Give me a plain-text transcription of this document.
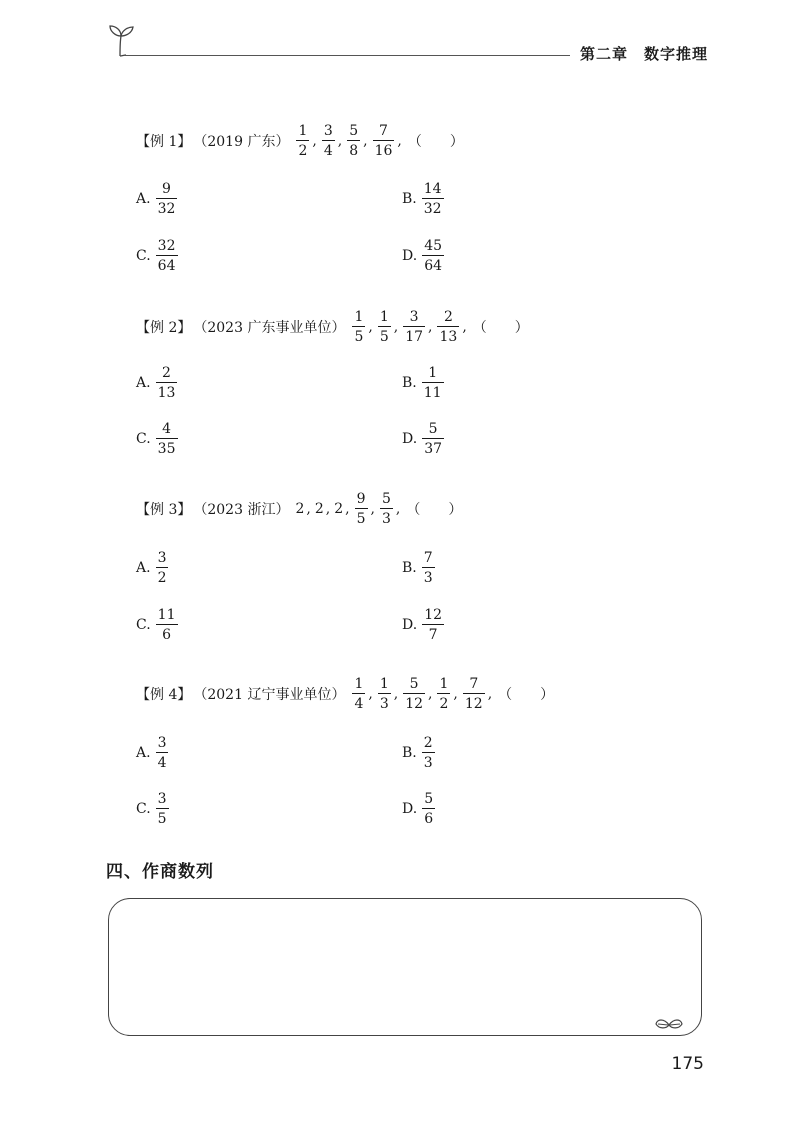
第二章 数字推理
【例 1】 （2019 广东） $\frac{1}{2}$ , $\frac{3}{4}$ , $\frac{5}{8}$ , $\frac{7}{16}$ , （　　）
A. $\frac{9}{32}$	B. $\frac{14}{32}$
C. $\frac{32}{64}$	D. $\frac{45}{64}$
【例 2】 （2023 广东事业单位） $\frac{1}{5}$ , $\frac{1}{5}$ , $\frac{3}{17}$ , $\frac{2}{13}$ , （　　）
A. $\frac{2}{13}$	B. $\frac{1}{11}$
C. $\frac{4}{35}$	D. $\frac{5}{37}$
【例 3】 （2023 浙江） 2 , 2 , 2 , $\frac{9}{5}$ , $\frac{5}{3}$ , （　　）
A. $\frac{3}{2}$	B. $\frac{7}{3}$
C. $\frac{11}{6}$	D. $\frac{12}{7}$
【例 4】 （2021 辽宁事业单位） $\frac{1}{4}$ , $\frac{1}{3}$ , $\frac{5}{12}$ , $\frac{1}{2}$ , $\frac{7}{12}$ , （　　）
A. $\frac{3}{4}$	B. $\frac{2}{3}$
C. $\frac{3}{5}$	D. $\frac{5}{6}$
四、作商数列
175
